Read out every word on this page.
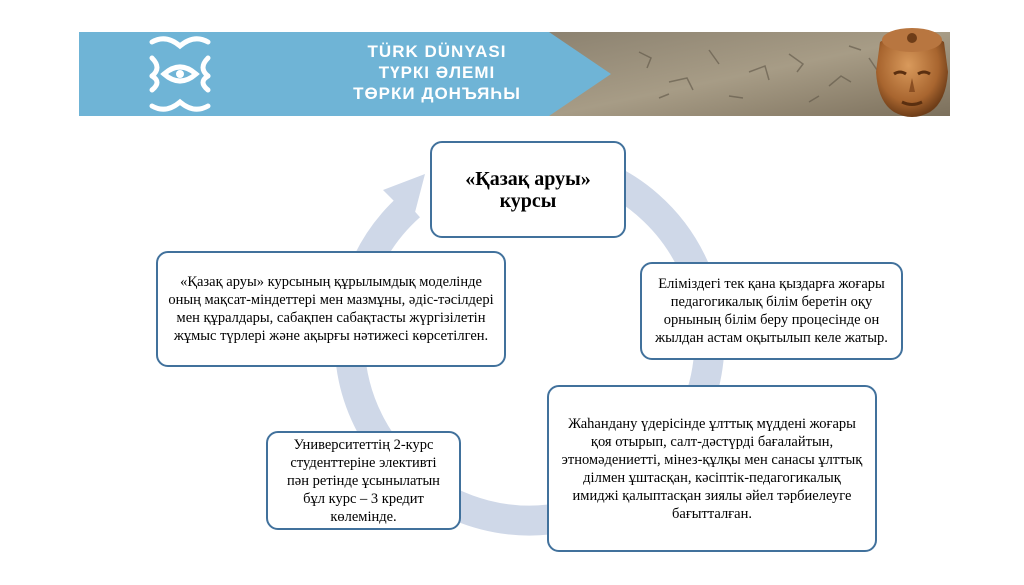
TÜRK DÜNYASI
ТҮРКІ ӘЛЕМІ
ТӨРКИ ДОНЪЯҺЫ
«Қазақ аруы» курсы
Еліміздегі тек қана қыздарға жоғары педагогикалық білім беретін оқу орнының білім беру процесінде он жылдан астам оқытылып келе жатыр.
Жаһандану үдерісінде ұлттық мүддені жоғары қоя отырып, салт-дәстүрді бағалайтын, этномәдениетті, мінез-құлқы мен санасы ұлттық ділмен ұштасқан, кәсіптік-педагогикалық имиджі қалыптасқан зиялы әйел тәрбиелеуге бағытталған.
Университеттің 2-курс студенттеріне элективті пән ретінде ұсынылатын бұл курс – 3 кредит көлемінде.
«Қазақ аруы» курсының құрылымдық моделінде оның мақсат-міндеттері мен мазмұны, әдіс-тәсілдері мен құралдары, сабақпен сабақтасты жүргізілетін жұмыс түрлері және ақырғы нәтижесі көрсетілген.
